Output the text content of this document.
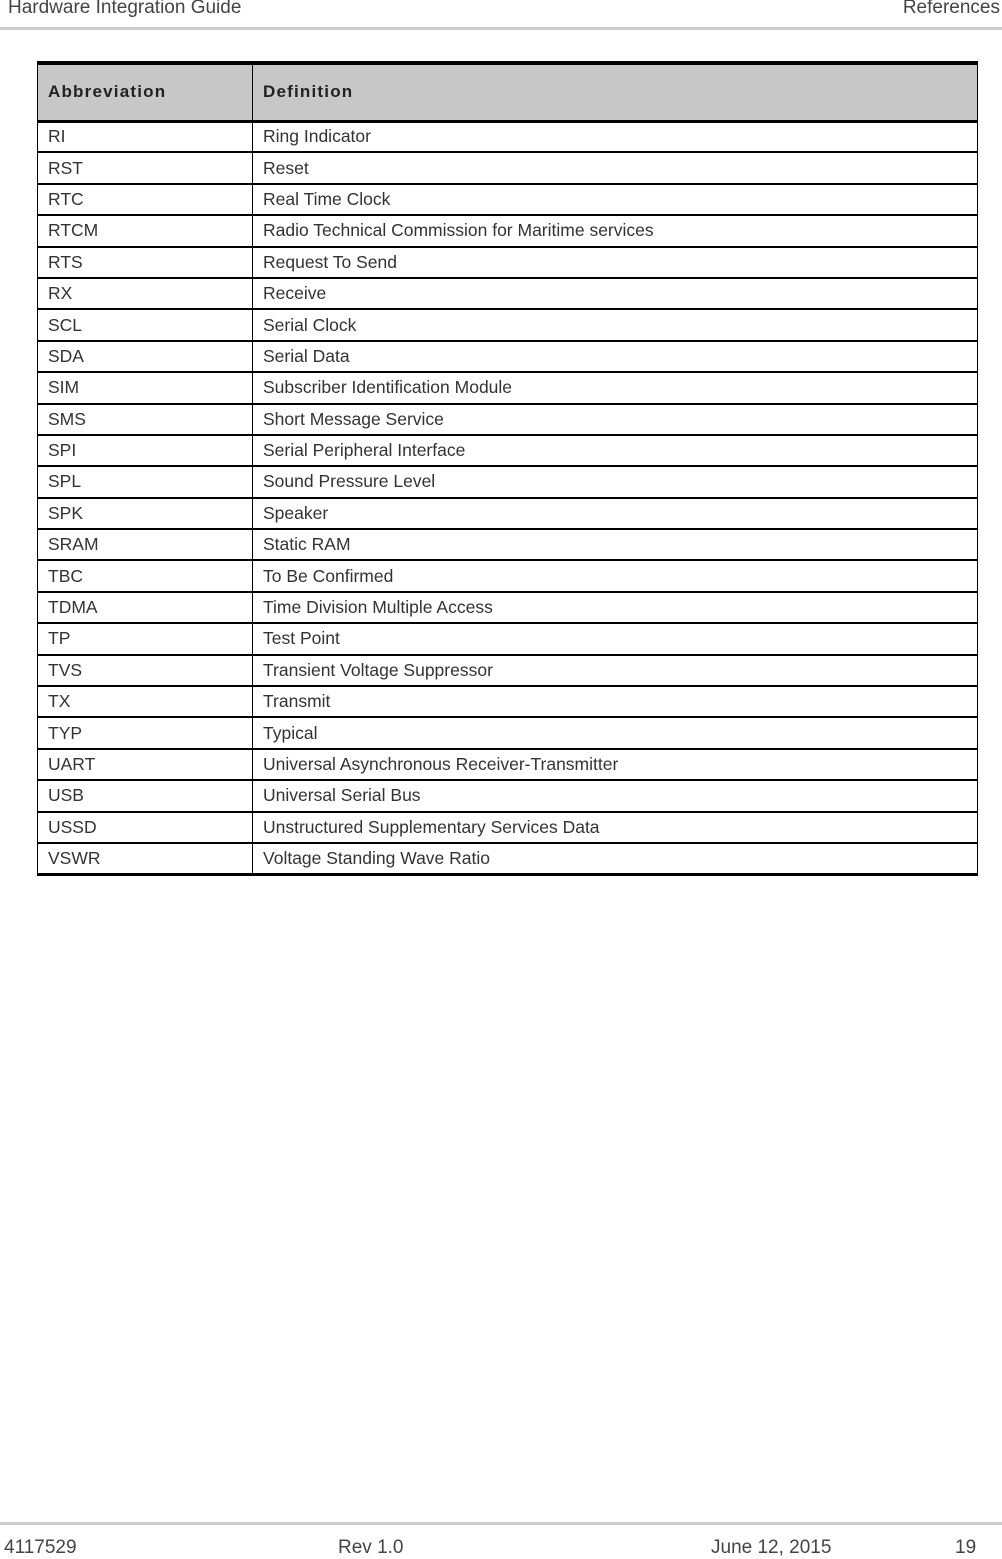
Hardware Integration Guide	References
Abbreviation	Definition
RI	Ring Indicator
RST	Reset
RTC	Real Time Clock
RTCM	Radio Technical Commission for Maritime services
RTS	Request To Send
RX	Receive
SCL	Serial Clock
SDA	Serial Data
SIM	Subscriber Identification Module
SMS	Short Message Service
SPI	Serial Peripheral Interface
SPL	Sound Pressure Level
SPK	Speaker
SRAM	Static RAM
TBC	To Be Confirmed
TDMA	Time Division Multiple Access
TP	Test Point
TVS	Transient Voltage Suppressor
TX	Transmit
TYP	Typical
UART	Universal Asynchronous Receiver-Transmitter
USB	Universal Serial Bus
USSD	Unstructured Supplementary Services Data
VSWR	Voltage Standing Wave Ratio
4117529	Rev 1.0	June 12, 2015	19
